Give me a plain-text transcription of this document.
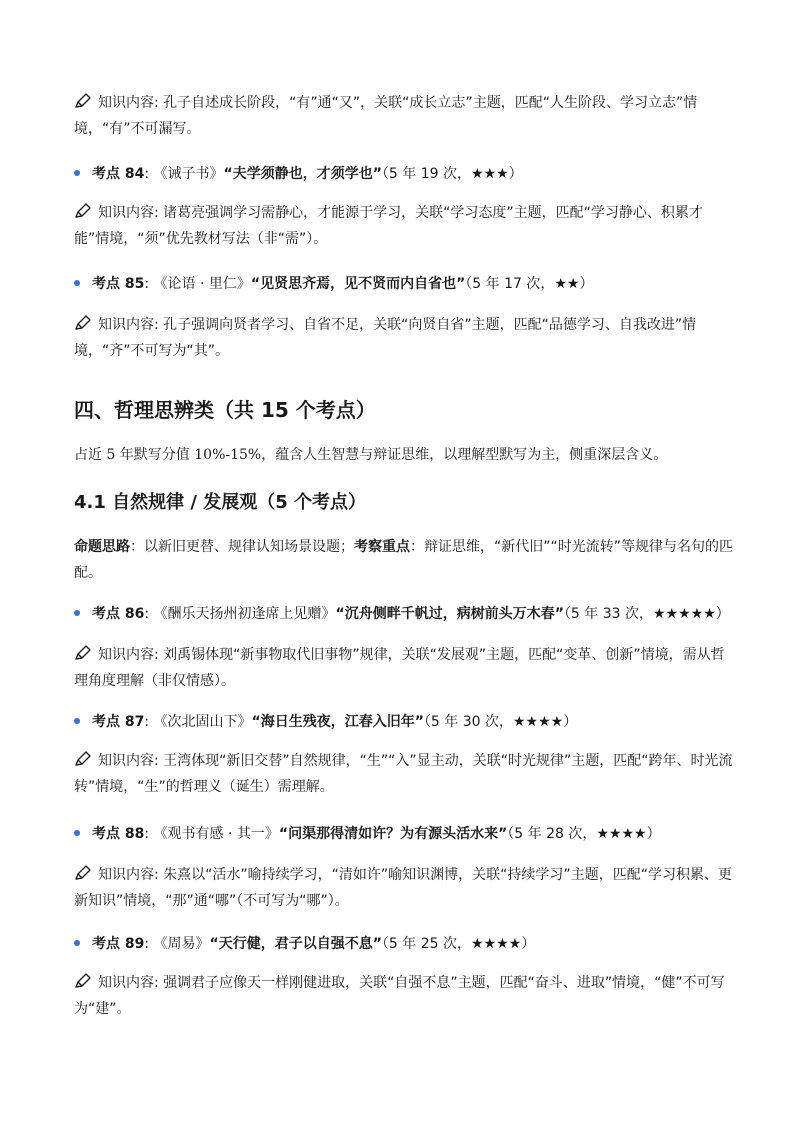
知识内容: 孔子自述成长阶段，“有”通“又”，关联“成长立志”主题，匹配“人生阶段、学习立志”情境，“有”不可漏写。
考点 84: 《诫子书》“夫学须静也，才须学也”（5 年 19 次，★★★）
知识内容: 诸葛亮强调学习需静心，才能源于学习，关联“学习态度”主题，匹配“学习静心、积累才能”情境，“须”优先教材写法（非“需”）。
考点 85: 《论语 · 里仁》“见贤思齐焉，见不贤而内自省也”（5 年 17 次，★★）
知识内容: 孔子强调向贤者学习、自省不足，关联“向贤自省”主题，匹配“品德学习、自我改进”情境，“齐”不可写为“其”。
四、哲理思辨类（共 15 个考点）
占近 5 年默写分值 10%-15%，蕴含人生智慧与辩证思维，以理解型默写为主，侧重深层含义。
4.1 自然规律 / 发展观（5 个考点）
命题思路：以新旧更替、规律认知场景设题；考察重点：辩证思维，“新代旧”“时光流转”等规律与名句的匹配。
考点 86: 《酬乐天扬州初逢席上见赠》“沉舟侧畔千帆过，病树前头万木春”（5 年 33 次，★★★★★）
知识内容: 刘禹锡体现“新事物取代旧事物”规律，关联“发展观”主题，匹配“变革、创新”情境，需从哲理角度理解（非仅情感）。
考点 87: 《次北固山下》“海日生残夜，江春入旧年”（5 年 30 次，★★★★）
知识内容: 王湾体现“新旧交替”自然规律，“生”“入”显主动，关联“时光规律”主题，匹配“跨年、时光流转”情境，“生”的哲理义（诞生）需理解。
考点 88: 《观书有感 · 其一》“问渠那得清如许？为有源头活水来”（5 年 28 次，★★★★）
知识内容: 朱熹以“活水”喻持续学习，“清如许”喻知识渊博，关联“持续学习”主题，匹配“学习积累、更新知识”情境，“那”通“哪”（不可写为“哪”）。
考点 89: 《周易》“天行健，君子以自强不息”（5 年 25 次，★★★★）
知识内容: 强调君子应像天一样刚健进取，关联“自强不息”主题，匹配“奋斗、进取”情境，“健”不可写为“建”。
